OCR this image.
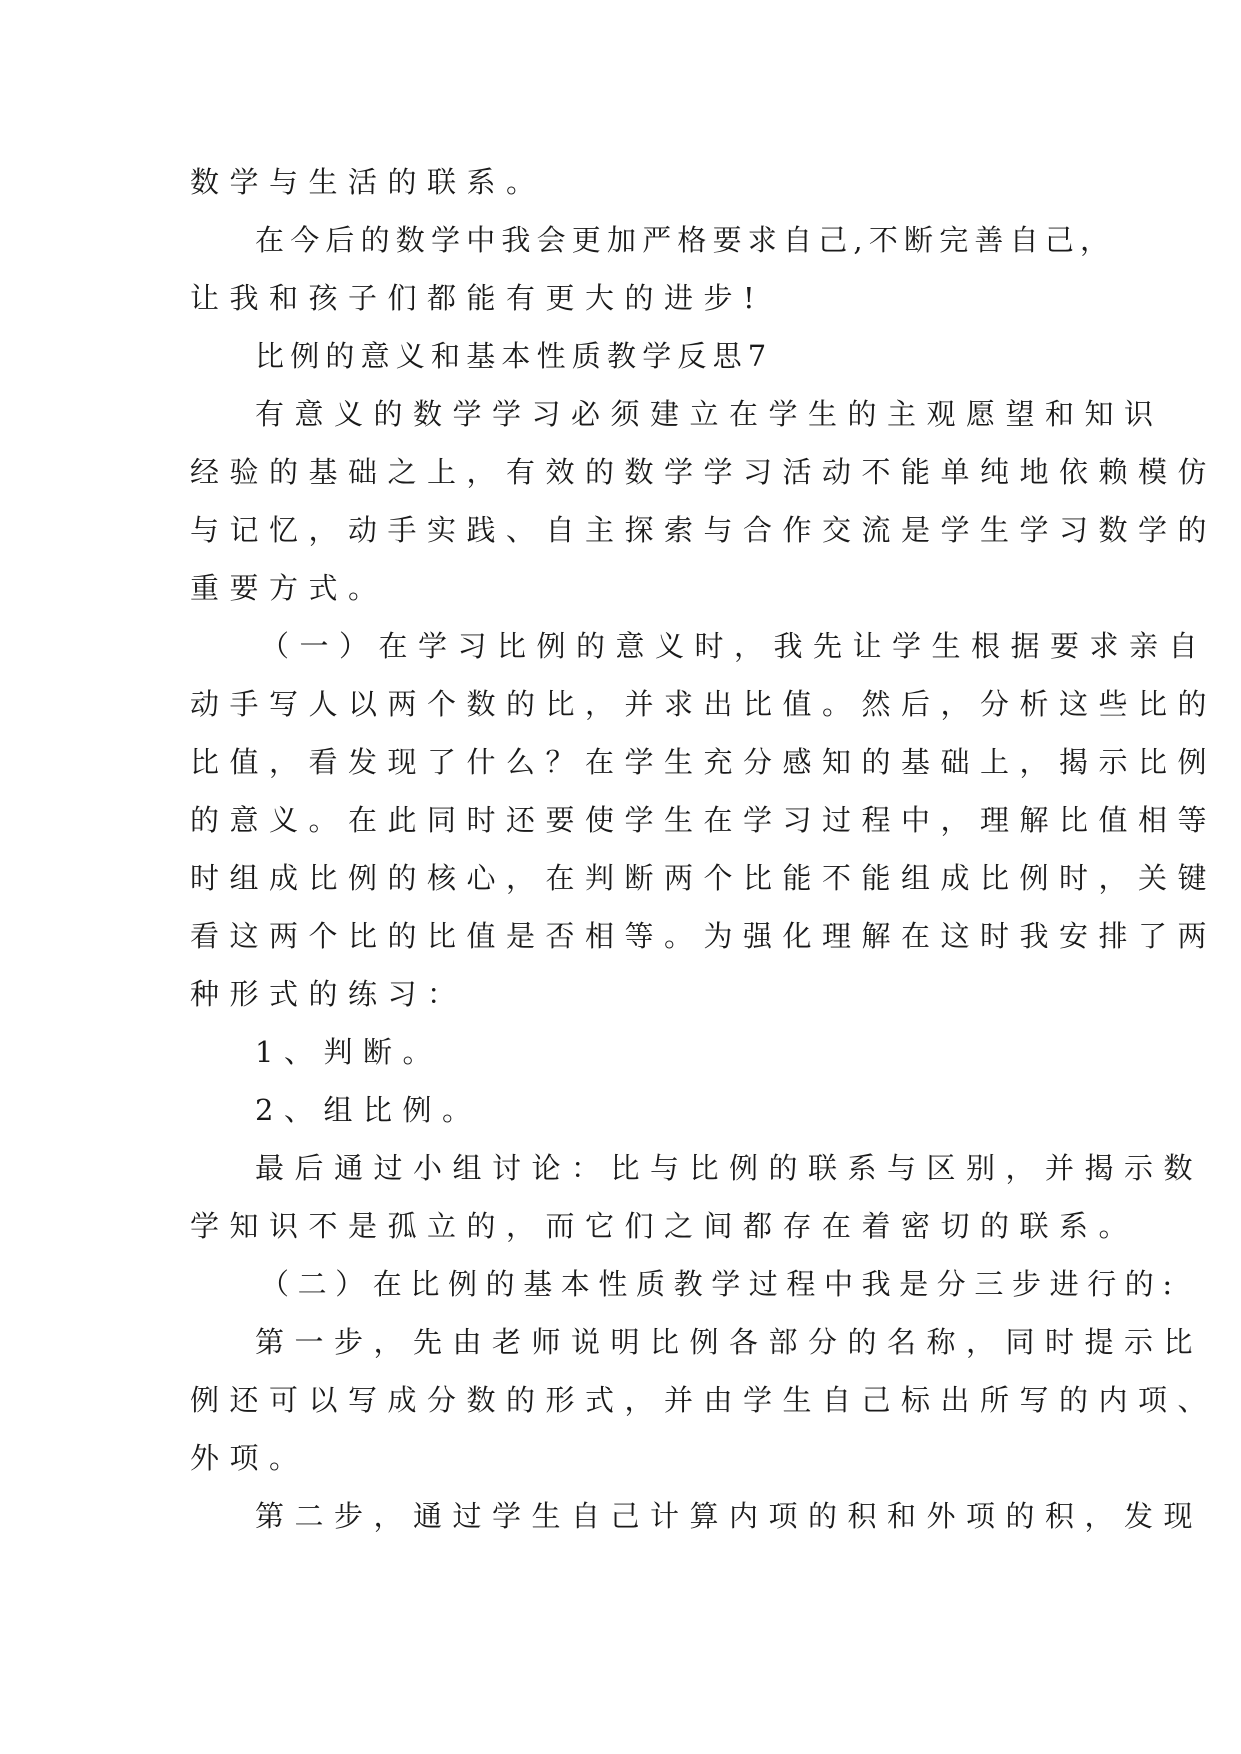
数学与生活的联系。
在今后的数学中我会更加严格要求自己,不断完善自己，
让我和孩子们都能有更大的进步!
比例的意义和基本性质教学反思7
有意义的数学学习必须建立在学生的主观愿望和知识
经验的基础之上，有效的数学学习活动不能单纯地依赖模仿
与记忆，动手实践、自主探索与合作交流是学生学习数学的
重要方式。
（一）在学习比例的意义时，我先让学生根据要求亲自
动手写人以两个数的比，并求出比值。然后，分析这些比的
比值，看发现了什么？在学生充分感知的基础上，揭示比例
的意义。在此同时还要使学生在学习过程中，理解比值相等
时组成比例的核心，在判断两个比能不能组成比例时，关键
看这两个比的比值是否相等。为强化理解在这时我安排了两
种形式的练习：
1、判断。
2、组比例。
最后通过小组讨论：比与比例的联系与区别，并揭示数
学知识不是孤立的，而它们之间都存在着密切的联系。
（二）在比例的基本性质教学过程中我是分三步进行的:
第一步，先由老师说明比例各部分的名称，同时提示比
例还可以写成分数的形式，并由学生自己标出所写的内项、
外项。
第二步，通过学生自己计算内项的积和外项的积，发现
